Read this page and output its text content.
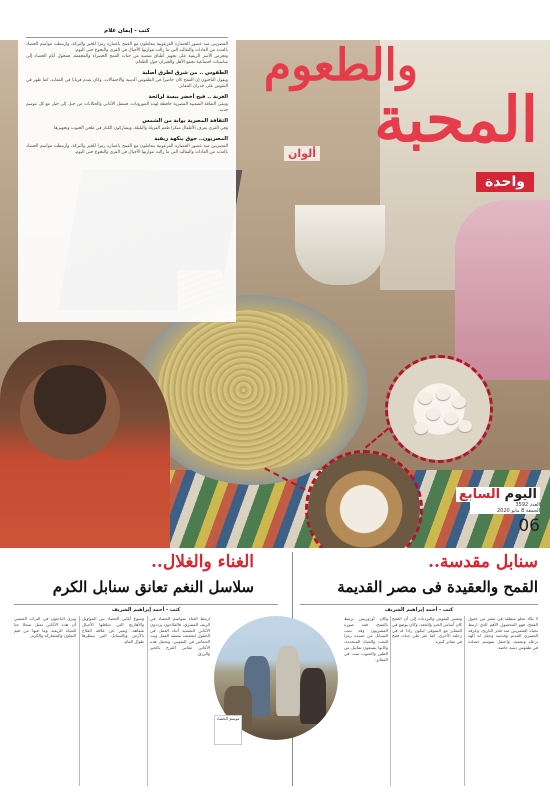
كتب - إيمان علام
المصريين منذ عصور الحضارة الفرعونية يتعاملون مع القمح باعتباره رمزا للخير والبركة، وارتبطت مواسم الحصاد بالعديد من العادات والتقاليد التي ما زالت تتوارثها الأجيال في القرى والنجوع حتى اليوم.
وتحرص الأسر الريفية على تجهيز أطباق شعبية من حبات القمح الخضراء والمجففة، فتتحول أيام الحصاد إلى مناسبات اجتماعية تجمع الأهل والجيران حول الطعام.
الطقوس .. من شرق لطرق أصلية
ويقول الباحثون إن القمح كان حاضرا في الطقوس الدينية والاحتفالات، وكان يقدم قربانا في المعابد، كما ظهر في النقوش على جدران المقابر.
الغربة .. فيح أخضر يبسة لرائحة
وتبقى الثقافة الشعبية المصرية حافظة لهذه الموروثات، فتنتقل الأغاني والحكايات من جيل إلى جيل مع كل موسم جديد.
الثقافة المصرية بوابة من الشمس
وفي القرى يعرف الأطفال مبكرا طعم الفريك والبليلة، ويشاركون الكبار في طحن الحبوب وتجهيزها.
المصريون.. حوق بنكهة ريفية
المصريين منذ عصور الحضارة الفرعونية يتعاملون مع القمح باعتباره رمزا للخير والبركة، وارتبطت مواسم الحصاد بالعديد من العادات والتقاليد التي ما زالت تتوارثها الأجيال في القرى والنجوع حتى اليوم.
والطعوم
المحبة
ألوان
واحدة
اليوم السابع
العدد 3592
الجمعة 8 مايو 2020
06
سنابل مقدسة..
القمح والعقيدة فى مصر القديمة
الغناء والغلال..
سلاسل النغم تعانق سنابل الكرم
كتب - أحمد إبراهيم الشريف
كتب - أحمد إبراهيم الشريف
لا تكاد تخلو منطقة في مصر من حقول القمح، فهو المحصول الأهم الذي ارتبط بحياة المصريين منذ فجر التاريخ، وعرفه المصري القديم وقدسه وجعل له آلهة ترعاه وتحميه، واحتفل بموسم حصاده في طقوس دينية خاصة.
وتشير النقوش والبرديات إلى أن القمح كان أساس الخبز والجعة، وكان يوضع في المقابر مع المتوفى ليكون زادا له في رحلته الأخرى، كما عثر على حبات قمح في مقابر كثيرة.
وكان أوزوريس يرتبط بالقمح، فقد صوره المصريون وقد نبتت السنابل من جسده رمزا للبعث والحياة المتجددة، وكانوا يصنعون تماثيل من الطين والحبوب تنبت في المقابر.
موسم الحصاد
ارتبط الغناء بمواسم الحصاد في الريف المصري، فالفلاحون يرددون الأغاني الشعبية أثناء العمل في الحقول لتخفيف مشقة العمل وبث الحماس في النفوس، وتحمل هذه الأغاني معاني الفرح بالخير والرزق.
وتتنوع أغاني الحصاد بين المواويل والأهازيج التي تتناقلها الأجيال شفاهة، وتعبر عن علاقة الفلاح بالأرض وبالسنابل التي ينتظرها طوال العام.
ويرى الباحثون في التراث الشعبي أن هذه الأغاني تمثل سجلا حيا للحياة الريفية وما فيها من قيم التعاون والمشاركة والكرم.
